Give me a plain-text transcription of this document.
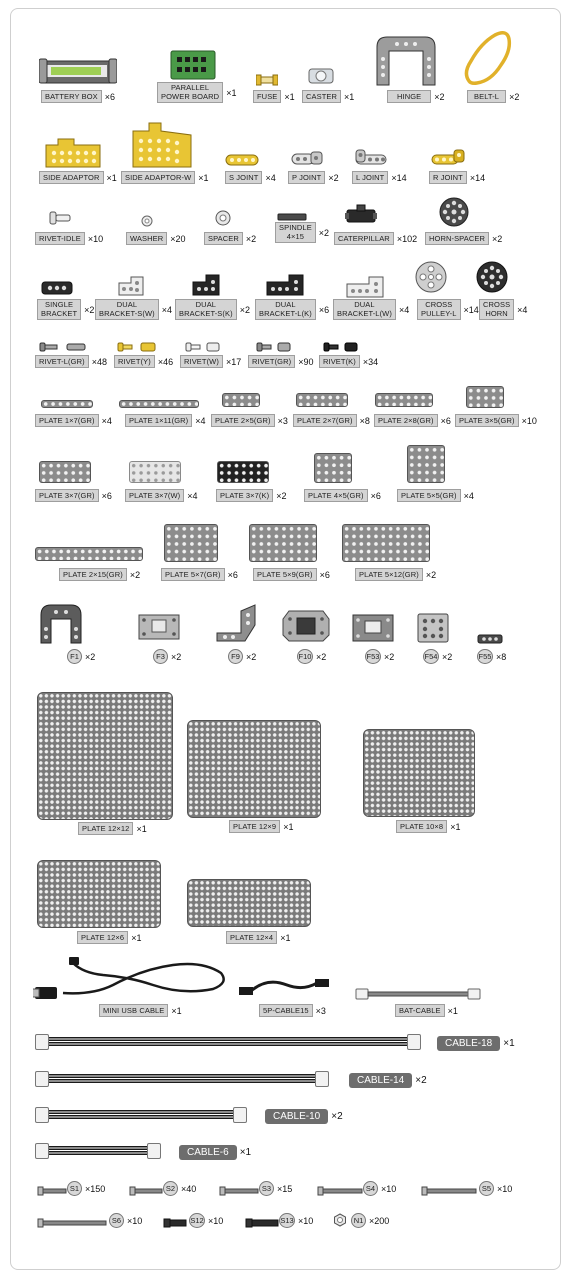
BATTERY BOX ×6
PARALLEL
POWER BOARD ×1	FUSE ×1	CASTER ×1	HINGE	×2	BELT-L	×2
SIDE ADAPTOR ×1	SIDE ADAPTOR-W ×1	S JOINT ×4	P JOINT ×2	L JOINT ×14	R JOINT ×14
RIVET-IDLE ×10	WASHER ×20	SPACER ×2
SPINDLE
4×15	×2
CATERPILLAR ×102	HORN-SPACER ×2
SINGLE
BRACKET ×2	DUAL
BRACKET-S(W) ×4	DUAL
BRACKET-S(K) ×2	DUAL
BRACKET-L(K) ×6	DUAL
BRACKET-L(W) ×4	CROSS
PULLEY-L ×14 CROSS
HORN	×4
RIVET-L(GR) ×48	RIVET(Y) ×46	RIVET(W) ×17	RIVET(GR) ×90	RIVET(K) ×34
PLATE 1×7(GR) ×4	PLATE 1×11(GR) ×4	PLATE 2×5(GR) ×3	PLATE 2×7(GR) ×8	PLATE 2×8(GR) ×6	PLATE 3×5(GR) ×10
PLATE 3×7(GR) ×6	PLATE 3×7(W) ×4	PLATE 3×7(K) ×2	PLATE 4×5(GR) ×6	PLATE 5×5(GR) ×4
PLATE 2×15(GR) ×2	PLATE 5×7(GR) ×6	PLATE 5×9(GR) ×6	PLATE 5×12(GR) ×2
F1 ×2	F3 ×2	F9 ×2	F10 ×2	F53 ×2	F54 ×2	F55 ×8
PLATE 12×12 ×1	PLATE 12×9 ×1	PLATE 10×8 ×1
PLATE 12×6 ×1	PLATE 12×4 ×1
MINI USB CABLE ×1	5P-CABLE15 ×3	BAT-CABLE ×1
CABLE-18	×1
CABLE-14	×2
CABLE-10	×2
CABLE-6	×1
S1 ×150	S2 ×40	S3 ×15	S4 ×10	S5 ×10
S6 ×10	S12 ×10	S13 ×10	N1 ×200
